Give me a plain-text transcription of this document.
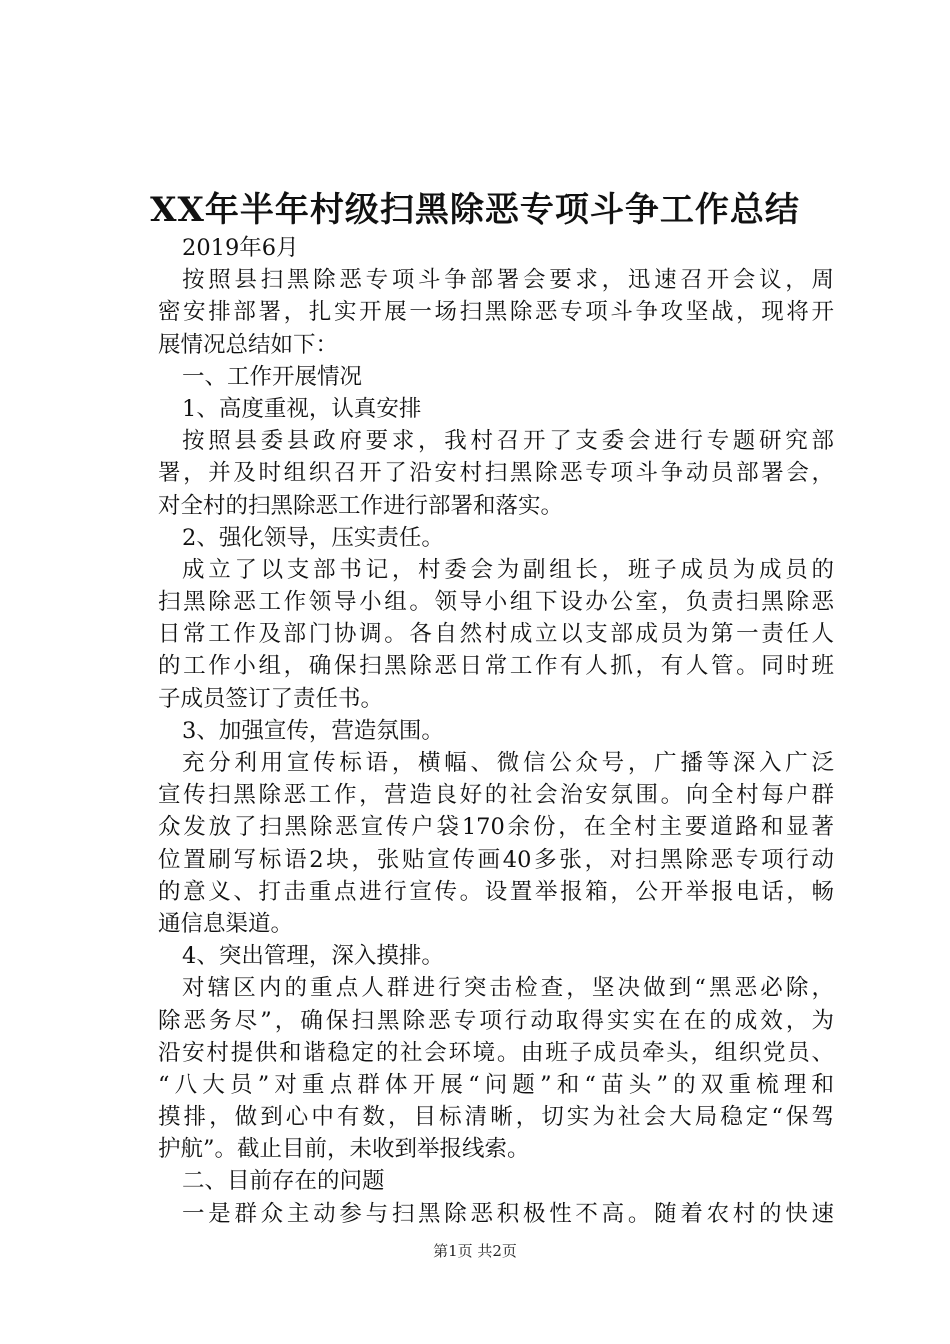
XX年半年村级扫黑除恶专项斗争工作总结
2019年6月
按照县扫黑除恶专项斗争部署会要求，迅速召开会议，周
密安排部署，扎实开展一场扫黑除恶专项斗争攻坚战，现将开
展情况总结如下：
一、工作开展情况
1、高度重视，认真安排
按照县委县政府要求，我村召开了支委会进行专题研究部
署，并及时组织召开了沿安村扫黑除恶专项斗争动员部署会，
对全村的扫黑除恶工作进行部署和落实。
2、强化领导，压实责任。
成立了以支部书记，村委会为副组长，班子成员为成员的
扫黑除恶工作领导小组。领导小组下设办公室，负责扫黑除恶
日常工作及部门协调。各自然村成立以支部成员为第一责任人
的工作小组，确保扫黑除恶日常工作有人抓，有人管。同时班
子成员签订了责任书。
3、加强宣传，营造氛围。
充分利用宣传标语，横幅、微信公众号，广播等深入广泛
宣传扫黑除恶工作，营造良好的社会治安氛围。向全村每户群
众发放了扫黑除恶宣传户袋170余份，在全村主要道路和显著
位置刷写标语2块，张贴宣传画40多张，对扫黑除恶专项行动
的意义、打击重点进行宣传。设置举报箱，公开举报电话，畅
通信息渠道。
4、突出管理，深入摸排。
对辖区内的重点人群进行突击检查，坚决做到“黑恶必除，
除恶务尽”，确保扫黑除恶专项行动取得实实在在的成效，为
沿安村提供和谐稳定的社会环境。由班子成员牵头，组织党员、
“八大员”对重点群体开展“问题”和“苗头”的双重梳理和
摸排，做到心中有数，目标清晰，切实为社会大局稳定“保驾
护航”。截止目前，未收到举报线索。
二、目前存在的问题
一是群众主动参与扫黑除恶积极性不高。随着农村的快速
第1页 共2页
